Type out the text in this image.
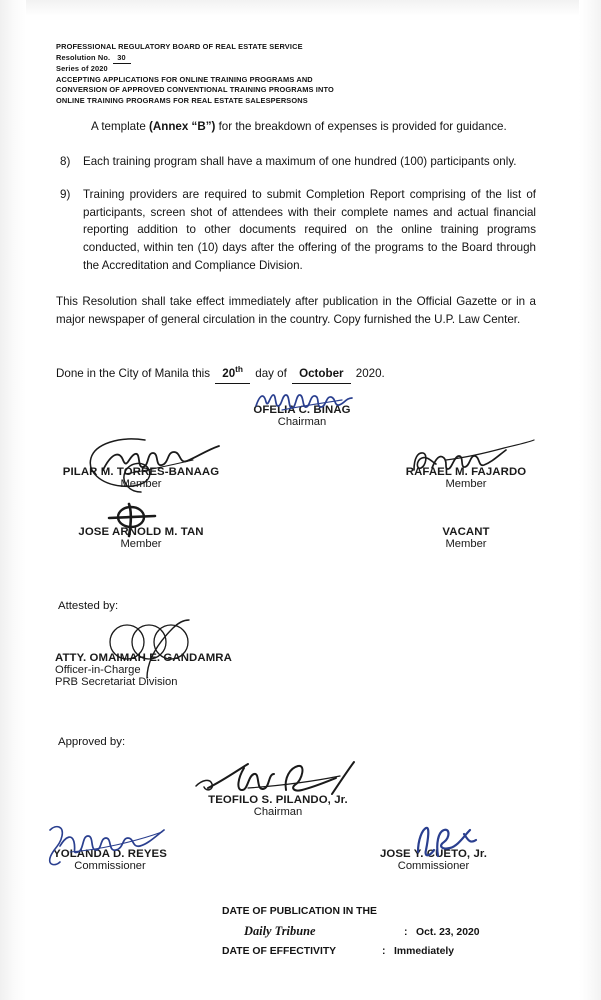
PROFESSIONAL REGULATORY BOARD OF REAL ESTATE SERVICE
Resolution No. 30
Series of 2020
ACCEPTING APPLICATIONS FOR ONLINE TRAINING PROGRAMS AND
CONVERSION OF APPROVED CONVENTIONAL TRAINING PROGRAMS INTO
ONLINE TRAINING PROGRAMS FOR REAL ESTATE SALESPERSONS

A template (Annex “B”) for the breakdown of expenses is provided for guidance.

8) Each training program shall have a maximum of one hundred (100) participants only.

9) Training providers are required to submit Completion Report comprising of the list of participants, screen shot of attendees with their complete names and actual financial reporting addition to other documents required on the online training programs conducted, within ten (10) days after the offering of the programs to the Board through the Accreditation and Compliance Division.

This Resolution shall take effect immediately after publication in the Official Gazette or in a major newspaper of general circulation in the country. Copy furnished the U.P. Law Center.

Done in the City of Manila this 20th day of October 2020.

OFELIA C. BINAG
Chairman
PILAR M. TORRES-BANAAG
Member
RAFAEL M. FAJARDO
Member
JOSE ARNOLD M. TAN
Member
VACANT
Member
Attested by:
ATTY. OMAIMAH E. GANDAMRA
Officer-in-Charge
PRB Secretariat Division
Approved by:
TEOFILO S. PILANDO, Jr.
Chairman
YOLANDA D. REYES
Commissioner
JOSE Y. CUETO, Jr.
Commissioner
DATE OF PUBLICATION IN THE
Daily Tribune	: Oct. 23, 2020
DATE OF EFFECTIVITY	: Immediately
